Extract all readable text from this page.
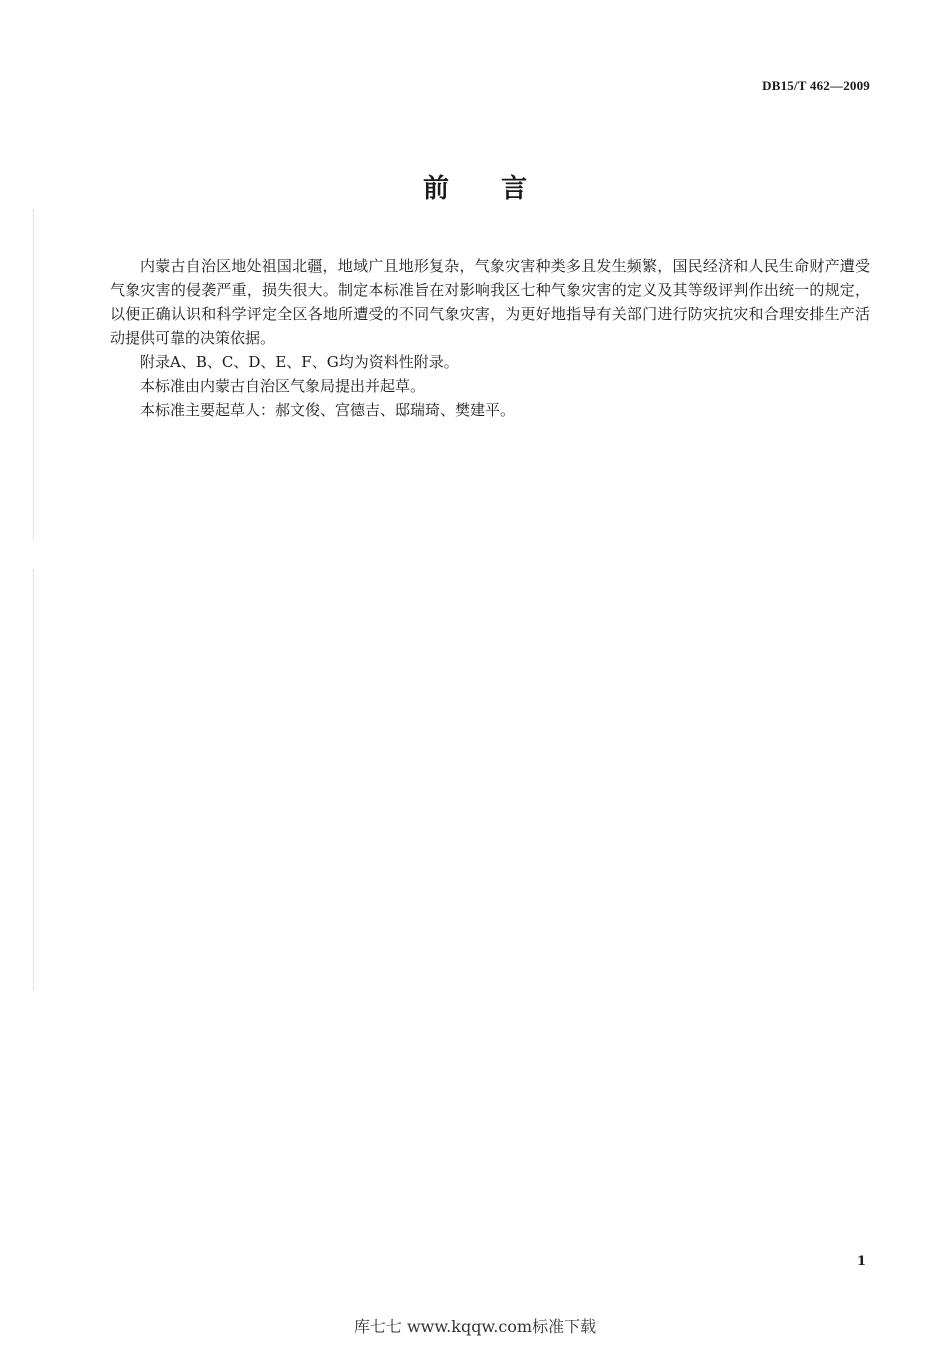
DB15/T 462—2009
前 言

内蒙古自治区地处祖国北疆，地域广且地形复杂，气象灾害种类多且发生频繁，国民经济和人民生命财产遭受气象灾害的侵袭严重，损失很大。制定本标准旨在对影响我区七种气象灾害的定义及其等级评判作出统一的规定，以便正确认识和科学评定全区各地所遭受的不同气象灾害，为更好地指导有关部门进行防灾抗灾和合理安排生产活动提供可靠的决策依据。

附录A、B、C、D、E、F、G均为资料性附录。

本标准由内蒙古自治区气象局提出并起草。

本标准主要起草人：郝文俊、宫德吉、邸瑞琦、樊建平。

1
库七七 www.kqqw.com标准下载
